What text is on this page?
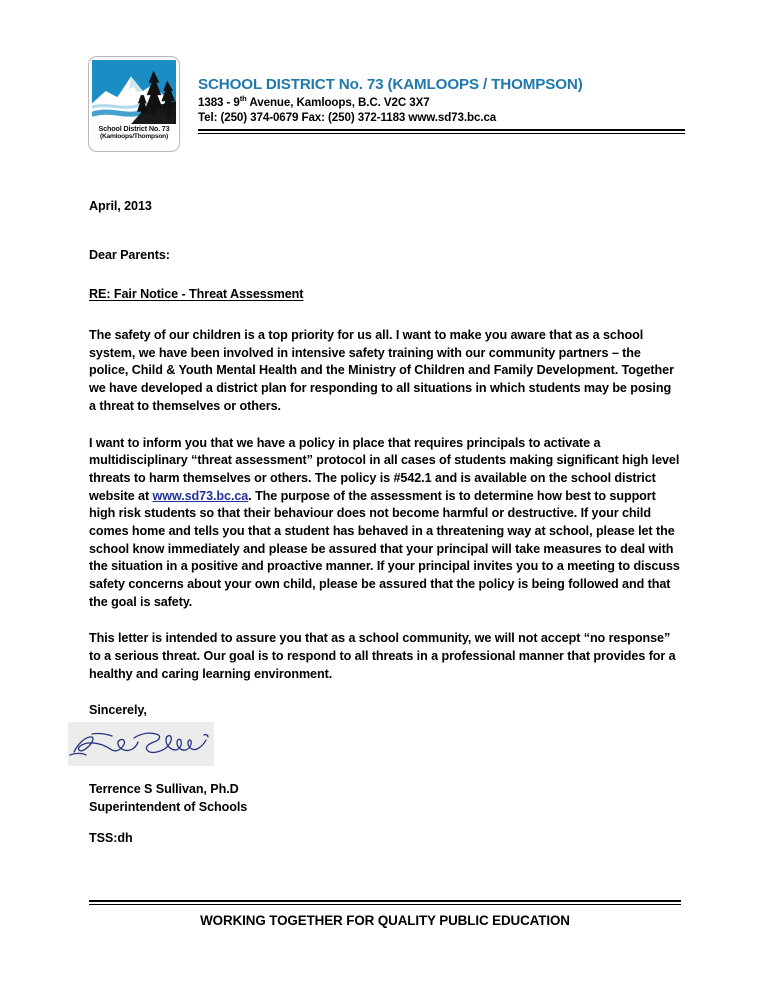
School District No. 73
(Kamloops/Thompson)
SCHOOL DISTRICT No. 73 (KAMLOOPS / THOMPSON)
1383 - 9th Avenue, Kamloops, B.C. V2C 3X7
Tel: (250) 374-0679 Fax: (250) 372-1183 www.sd73.bc.ca

April, 2013

Dear Parents:

RE: Fair Notice - Threat Assessment

The safety of our children is a top priority for us all. I want to make you aware that as a school system, we have been involved in intensive safety training with our community partners – the police, Child & Youth Mental Health and the Ministry of Children and Family Development. Together we have developed a district plan for responding to all situations in which students may be posing a threat to themselves or others.

I want to inform you that we have a policy in place that requires principals to activate a multidisciplinary “threat assessment” protocol in all cases of students making significant high level threats to harm themselves or others. The policy is #542.1 and is available on the school district website at www.sd73.bc.ca. The purpose of the assessment is to determine how best to support high risk students so that their behaviour does not become harmful or destructive. If your child comes home and tells you that a student has behaved in a threatening way at school, please let the school know immediately and please be assured that your principal will take measures to deal with the situation in a positive and proactive manner. If your principal invites you to a meeting to discuss safety concerns about your own child, please be assured that the policy is being followed and that the goal is safety.

This letter is intended to assure you that as a school community, we will not accept “no response” to a serious threat. Our goal is to respond to all threats in a professional manner that provides for a healthy and caring learning environment.

Sincerely,

Terrence S Sullivan, Ph.D
Superintendent of Schools
TSS:dh
WORKING TOGETHER FOR QUALITY PUBLIC EDUCATION
